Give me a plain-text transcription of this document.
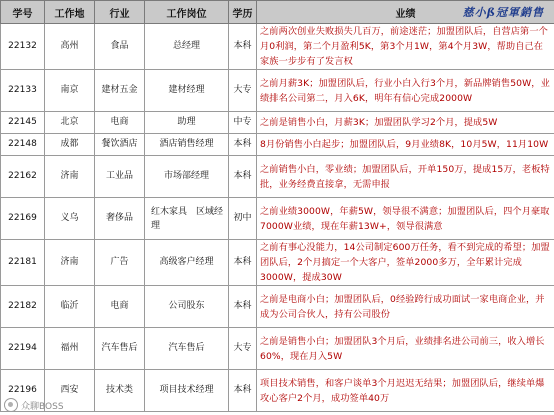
学号	工作地	行业	工作岗位	学历	业绩 慈小ß冠軍銷售

22132	高州	食品	总经理	本科	之前两次创业失败损失几百万，前途迷茫；加盟团队后，自营店第一个月0利润，第二个月盈利5K，第3个月1W，第4个月3W，帮助自己在家族一步步有了发言权
22133	南京	建材五金	建材经理	大专	之前月薪3K；加盟团队后，行业小白入行3个月，新品牌销售50W，业绩排名公司第二，月入6K，明年有信心完成2000W
22145	北京	电商	助理	中专	之前是销售小白，月薪3K；加盟团队学习2个月，提成5W
22148	成都	餐饮酒店	酒店销售经理	本科	8月份销售小白起步；加盟团队后，9月业绩8K，10月5W，11月10W
22162	济南	工业品	市场部经理	本科	之前销售小白，零业绩；加盟团队后，开单150万，提成15万，老板特批，业务经费直接拿，无需申报
22169	义乌	奢侈品	红木家具　区域经理	初中	之前业绩3000W，年薪5W，领导很不满意；加盟团队后，四个月豪取7000W业绩，现在年薪13W+，领导很满意
22181	济南	广告	高级客户经理	本科	之前有事心没能力，14公司制定600万任务，看不到完成的希望；加盟团队后，2个月搞定一个大客户，签单2000多万，全年累计完成3000W，提成30W
22182	临沂	电商	公司股东	本科	之前是电商小白；加盟团队后，0经验跨行成功面试一家电商企业，并成为公司合伙人，持有公司股份
22194	福州	汽车售后	汽车售后	大专	之前是销售小白；加盟团队3个月后，业绩排名进公司前三，收入增长60%，现在月入5W
22196	西安	技术类	项目技术经理	本科	项目技术销售，和客户谈单3个月迟迟无结果；加盟团队后，继续单爆攻心客户2个月，成功签单40万
众聊BOSS
